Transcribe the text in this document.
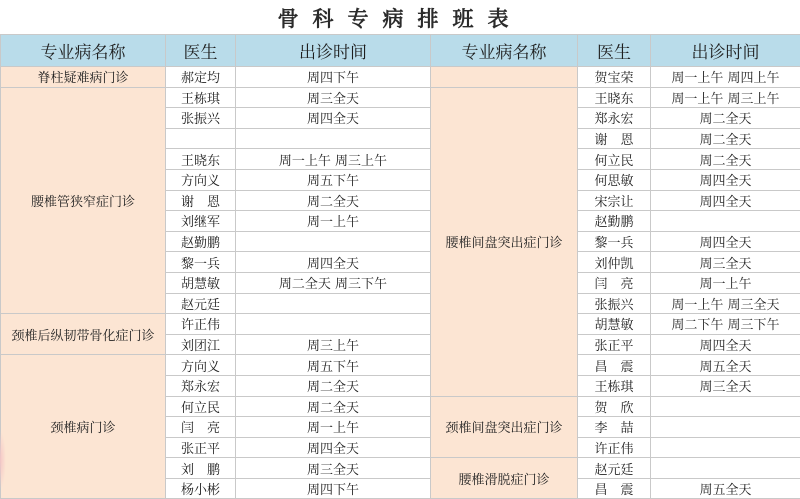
骨科专病排班表
专业病名称	医生	出诊时间	专业病名称	医生	出诊时间
脊柱疑难病门诊	郝定均	周四下午		贺宝荣	周一上午 周四上午
腰椎管狭窄症门诊	王栋琪	周三全天	腰椎间盘突出症门诊	王晓东	周一上午 周三上午
	张振兴	周四全天		郑永宏	周二全天
				谢　恩	周二全天
	王晓东	周一上午 周三上午		何立民	周二全天
	方向义	周五下午		何思敏	周四全天
	谢　恩	周二全天		宋宗让	周四全天
	刘继军	周一上午		赵勤鹏	
	赵勤鹏			黎一兵	周四全天
	黎一兵	周四全天		刘仲凯	周三全天
	胡慧敏	周二全天 周三下午		闫　亮	周一上午
	赵元廷			张振兴	周一上午 周三全天
颈椎后纵韧带骨化症门诊	许正伟			胡慧敏	周二下午 周三下午
	刘团江	周三上午		张正平	周四全天
颈椎病门诊	方向义	周五下午		昌　震	周五全天
	郑永宏	周二全天		王栋琪	周三全天
	何立民	周二全天	颈椎间盘突出症门诊	贺　欣	
	闫　亮	周一上午		李　喆	
	张正平	周四全天		许正伟	
	刘　鹏	周三全天	腰椎滑脱症门诊	赵元廷	
	杨小彬	周四下午		昌　震	周五全天
